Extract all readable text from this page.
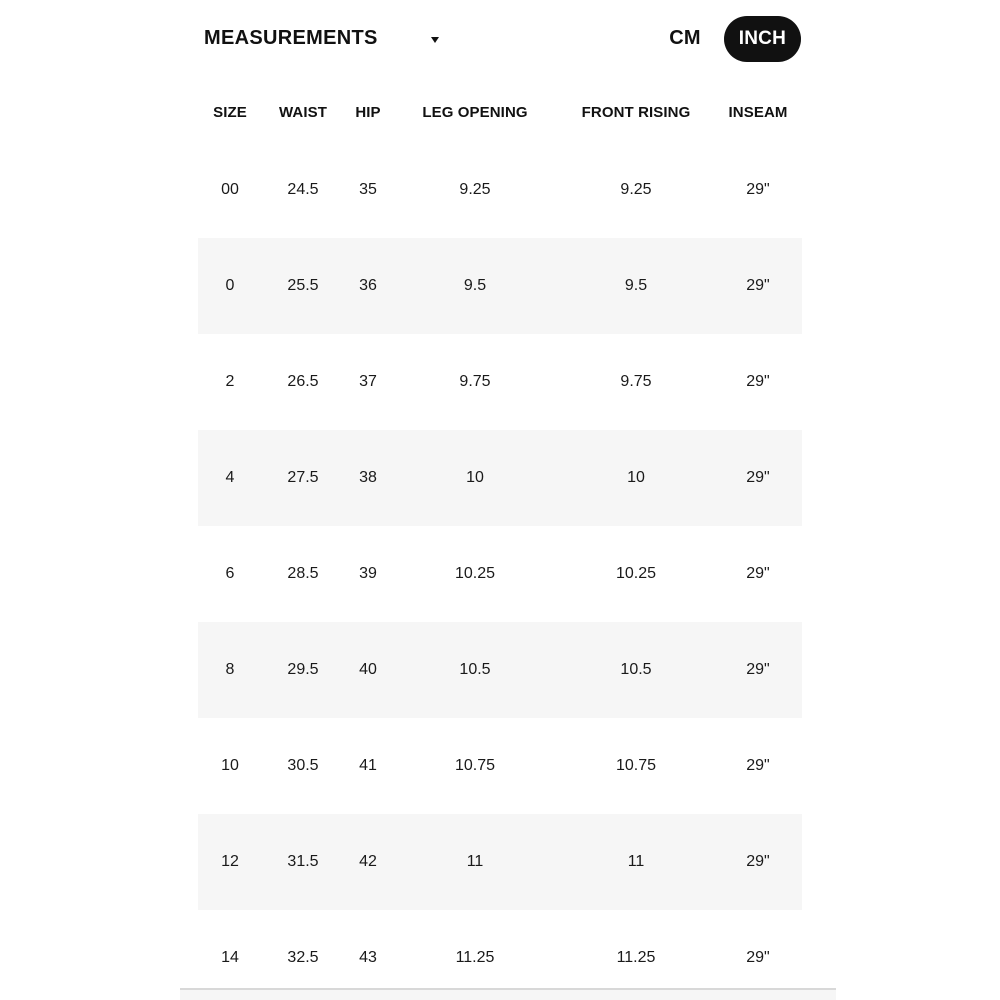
MEASUREMENTS	CM	INCH
SIZE	WAIST	HIP	LEG OPENING	FRONT RISING	INSEAM
00	24.5	35	9.25	9.25	29"
0	25.5	36	9.5	9.5	29"
2	26.5	37	9.75	9.75	29"
4	27.5	38	10	10	29"
6	28.5	39	10.25	10.25	29"
8	29.5	40	10.5	10.5	29"
10	30.5	41	10.75	10.75	29"
12	31.5	42	11	11	29"
14	32.5	43	11.25	11.25	29"
